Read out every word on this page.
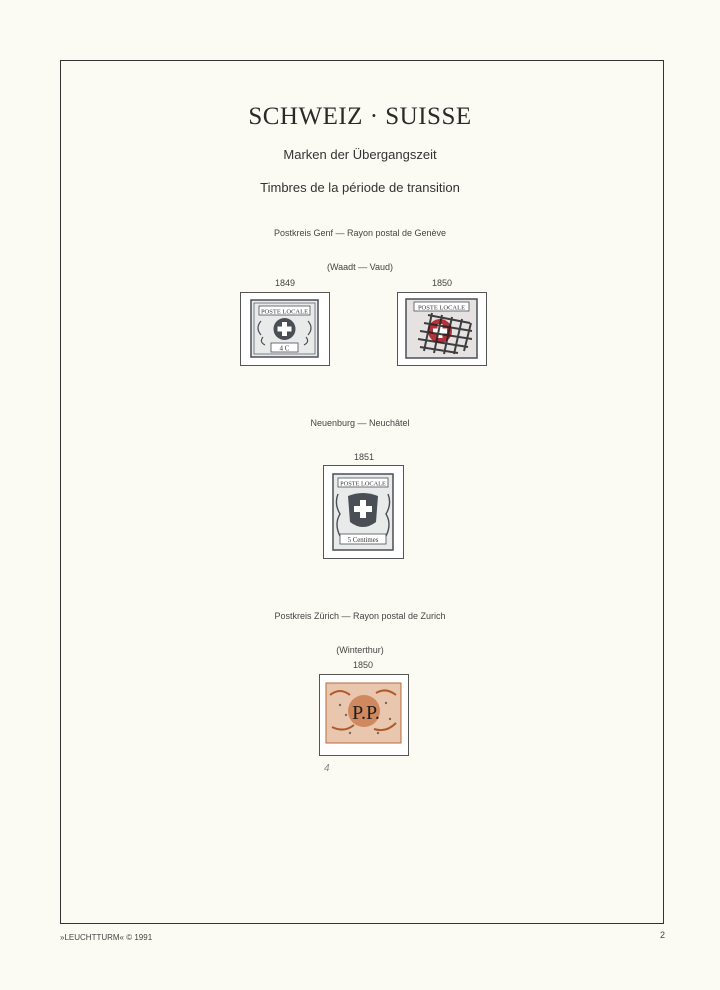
SCHWEIZ · SUISSE
Marken der Übergangszeit
Timbres de la période de transition
Postkreis Genf — Rayon postal de Genève
(Waadt — Vaud)
1849
POSTE LOCALE
4 C
1850
POSTE LOCALE
Neuenburg — Neuchâtel
1851
POSTE LOCALE
5 Centimes
Postkreis Zürich — Rayon postal de Zurich
(Winterthur)
1850
P.P.
4
»LEUCHTTURM« © 1991	2
